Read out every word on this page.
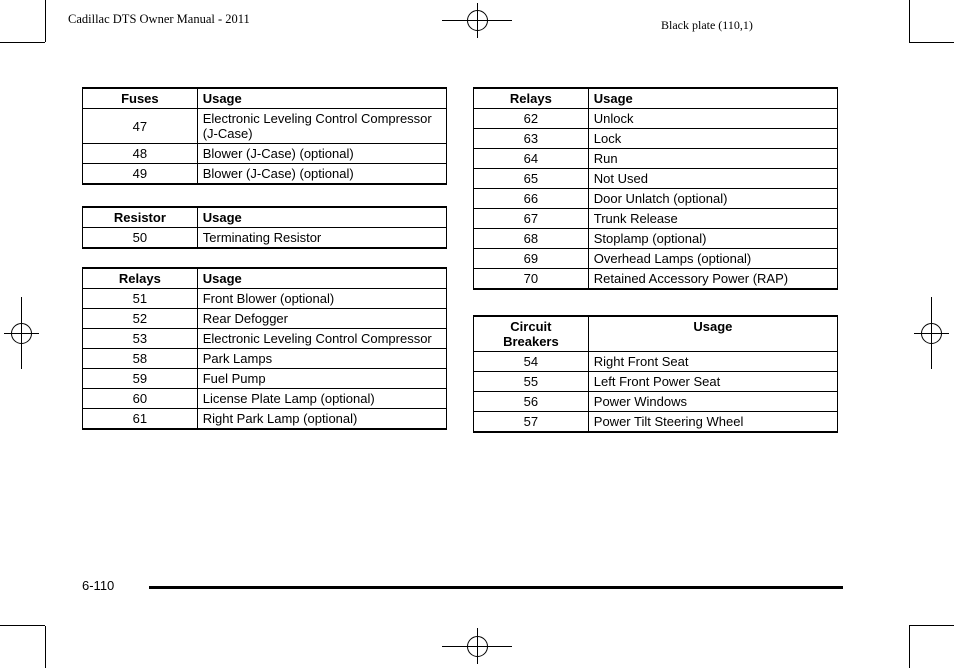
Cadillac DTS Owner Manual - 2011	Black plate (110,1)
Fuses	Usage
47	Electronic Leveling Control Compressor (J-Case)
48	Blower (J-Case) (optional)
49	Blower (J-Case) (optional)
Resistor	Usage
50	Terminating Resistor
Relays	Usage
51	Front Blower (optional)
52	Rear Defogger
53	Electronic Leveling Control Compressor
58	Park Lamps
59	Fuel Pump
60	License Plate Lamp (optional)
61	Right Park Lamp (optional)
Relays	Usage
62	Unlock
63	Lock
64	Run
65	Not Used
66	Door Unlatch (optional)
67	Trunk Release
68	Stoplamp (optional)
69	Overhead Lamps (optional)
70	Retained Accessory Power (RAP)
Circuit
Breakers	Usage
54	Right Front Seat
55	Left Front Power Seat
56	Power Windows
57	Power Tilt Steering Wheel
6-110
